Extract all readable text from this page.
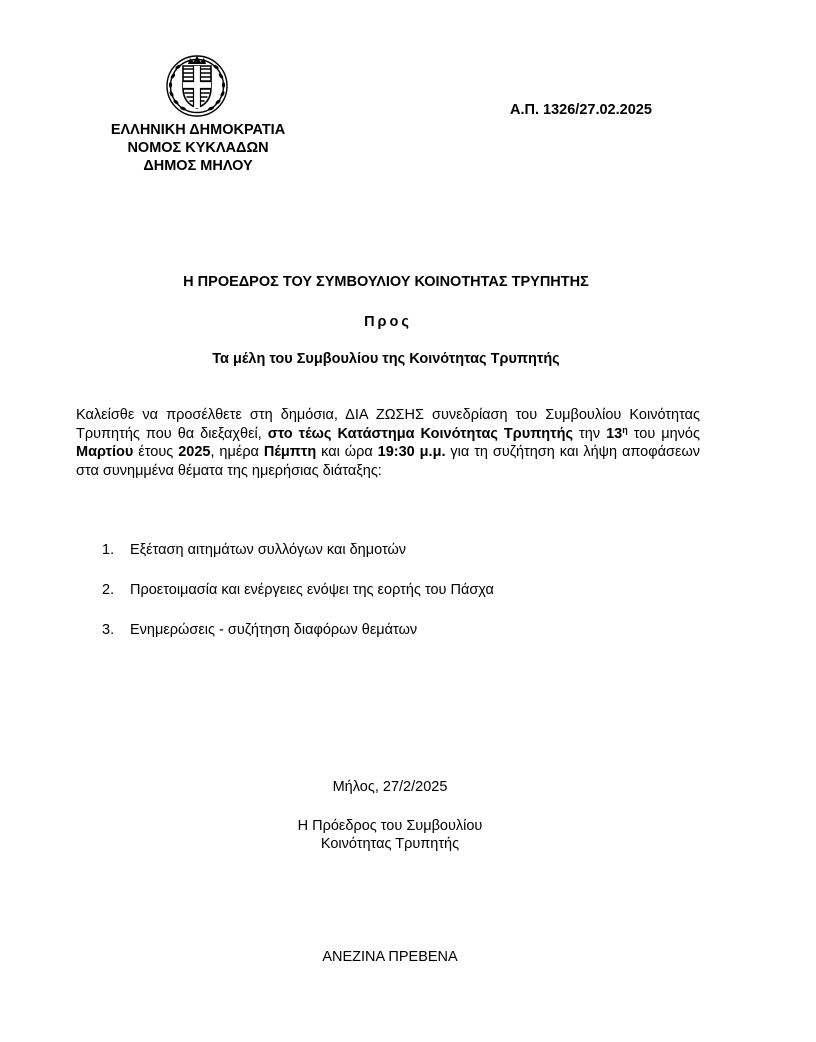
ΕΛΛΗΝΙΚΗ ΔΗΜΟΚΡΑΤΙΑ
ΝΟΜΟΣ ΚΥΚΛΑΔΩΝ
ΔΗΜΟΣ ΜΗΛΟΥ
Α.Π. 1326/27.02.2025
Η ΠΡΟΕΔΡΟΣ ΤΟΥ ΣΥΜΒΟΥΛΙΟΥ ΚΟΙΝΟΤΗΤΑΣ ΤΡΥΠΗΤΗΣ
Προς
Τα μέλη του Συμβουλίου της Κοινότητας Τρυπητής
Καλείσθε να προσέλθετε στη δημόσια, ΔΙΑ ΖΩΣΗΣ συνεδρίαση του Συμβουλίου Κοινότητας Τρυπητής που θα διεξαχθεί, στο τέως Κατάστημα Κοινότητας Τρυπητής την $13^\eta$ του μηνός Μαρτίου έτους 2025, ημέρα Πέμπτη και ώρα 19:30 μ.μ. για τη συζήτηση και λήψη αποφάσεων στα συνημμένα θέματα της ημερήσιας διάταξης:
1.	Εξέταση αιτημάτων συλλόγων και δημοτών
2.	Προετοιμασία και ενέργειες ενόψει της εορτής του Πάσχα
3.	Ενημερώσεις - συζήτηση διαφόρων θεμάτων
Μήλος, 27/2/2025
Η Πρόεδρος του Συμβουλίου
Κοινότητας Τρυπητής
ΑΝΕΖΙΝΑ ΠΡΕΒΕΝΑ
